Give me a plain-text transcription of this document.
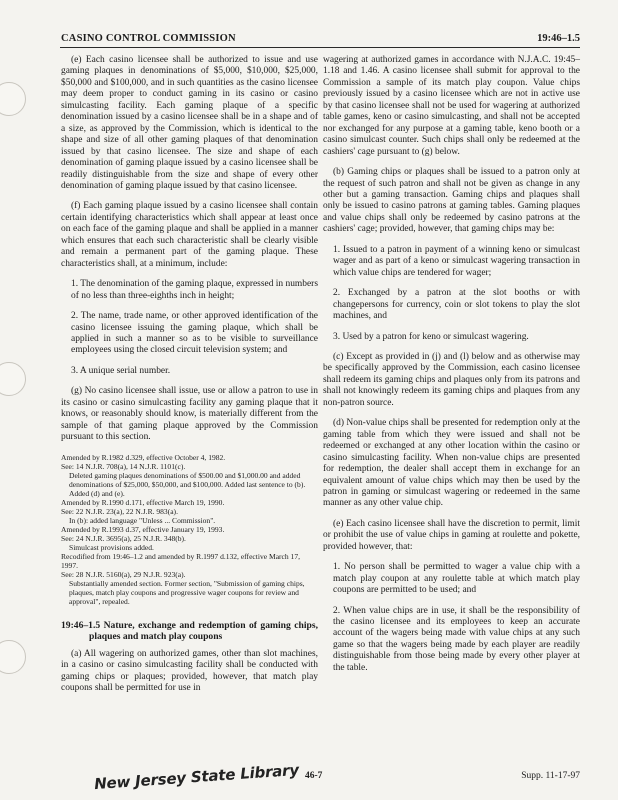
CASINO CONTROL COMMISSION	19:46–1.5

(e) Each casino licensee shall be authorized to issue and use gaming plaques in denominations of $5,000, $10,000, $25,000, $50,000 and $100,000, and in such quantities as the casino licensee may deem proper to conduct gaming in its casino or casino simulcasting facility. Each gaming plaque of a specific denomination issued by a casino licensee shall be in a shape and of a size, as approved by the Commission, which is identical to the shape and size of all other gaming plaques of that denomination issued by that casino licensee. The size and shape of each denomination of gaming plaque issued by a casino licensee shall be readily distinguishable from the size and shape of every other denomination of gaming plaque issued by that casino licensee.

(f) Each gaming plaque issued by a casino licensee shall contain certain identifying characteristics which shall appear at least once on each face of the gaming plaque and shall be applied in a manner which ensures that each such characteristic shall be clearly visible and remain a permanent part of the gaming plaque. These characteristics shall, at a minimum, include:

1. The denomination of the gaming plaque, expressed in numbers of no less than three-eighths inch in height;

2. The name, trade name, or other approved identification of the casino licensee issuing the gaming plaque, which shall be applied in such a manner so as to be visible to surveillance employees using the closed circuit television system; and

3. A unique serial number.

(g) No casino licensee shall issue, use or allow a patron to use in its casino or casino simulcasting facility any gaming plaque that it knows, or reasonably should know, is materially different from the sample of that gaming plaque approved by the Commission pursuant to this section.

Amended by R.1982 d.329, effective October 4, 1982.
See: 14 N.J.R. 708(a), 14 N.J.R. 1101(c).
Deleted gaming plaques denominations of $500.00 and $1,000.00 and added denominations of $25,000, $50,000, and $100,000. Added last sentence to (b). Added (d) and (e).
Amended by R.1990 d.171, effective March 19, 1990.
See: 22 N.J.R. 23(a), 22 N.J.R. 983(a).
In (b): added language "Unless ... Commission".
Amended by R.1993 d.37, effective January 19, 1993.
See: 24 N.J.R. 3695(a), 25 N.J.R. 348(b).
Simulcast provisions added.
Recodified from 19:46–1.2 and amended by R.1997 d.132, effective March 17, 1997.
See: 28 N.J.R. 5160(a), 29 N.J.R. 923(a).
Substantially amended section. Former section, "Submission of gaming chips, plaques, match play coupons and progressive wager coupons for review and approval", repealed.
19:46–1.5 Nature, exchange and redemption of gaming chips, plaques and match play coupons

(a) All wagering on authorized games, other than slot machines, in a casino or casino simulcasting facility shall be conducted with gaming chips or plaques; provided, however, that match play coupons shall be permitted for use in

wagering at authorized games in accordance with N.J.A.C. 19:45–1.18 and 1.46. A casino licensee shall submit for approval to the Commission a sample of its match play coupon. Value chips previously issued by a casino licensee which are not in active use by that casino licensee shall not be used for wagering at authorized table games, keno or casino simulcasting, and shall not be accepted nor exchanged for any purpose at a gaming table, keno booth or a casino simulcast counter. Such chips shall only be redeemed at the cashiers' cage pursuant to (g) below.

(b) Gaming chips or plaques shall be issued to a patron only at the request of such patron and shall not be given as change in any other but a gaming transaction. Gaming chips and plaques shall only be issued to casino patrons at gaming tables. Gaming plaques and value chips shall only be redeemed by casino patrons at the cashiers' cage; provided, however, that gaming chips may be:

1. Issued to a patron in payment of a winning keno or simulcast wager and as part of a keno or simulcast wagering transaction in which value chips are tendered for wager;

2. Exchanged by a patron at the slot booths or with changepersons for currency, coin or slot tokens to play the slot machines, and

3. Used by a patron for keno or simulcast wagering.

(c) Except as provided in (j) and (l) below and as otherwise may be specifically approved by the Commission, each casino licensee shall redeem its gaming chips and plaques only from its patrons and shall not knowingly redeem its gaming chips and plaques from any non-patron source.

(d) Non-value chips shall be presented for redemption only at the gaming table from which they were issued and shall not be redeemed or exchanged at any other location within the casino or casino simulcasting facility. When non-value chips are presented for redemption, the dealer shall accept them in exchange for an equivalent amount of value chips which may then be used by the patron in gaming or simulcast wagering or redeemed in the same manner as any other value chip.

(e) Each casino licensee shall have the discretion to permit, limit or prohibit the use of value chips in gaming at roulette and pokette, provided however, that:

1. No person shall be permitted to wager a value chip with a match play coupon at any roulette table at which match play coupons are permitted to be used; and

2. When value chips are in use, it shall be the responsibility of the casino licensee and its employees to keep an accurate account of the wagers being made with value chips at any such game so that the wagers being made by each player are readily distinguishable from those being made by every other player at the table.

New Jersey State Library 46-7	Supp. 11-17-97
